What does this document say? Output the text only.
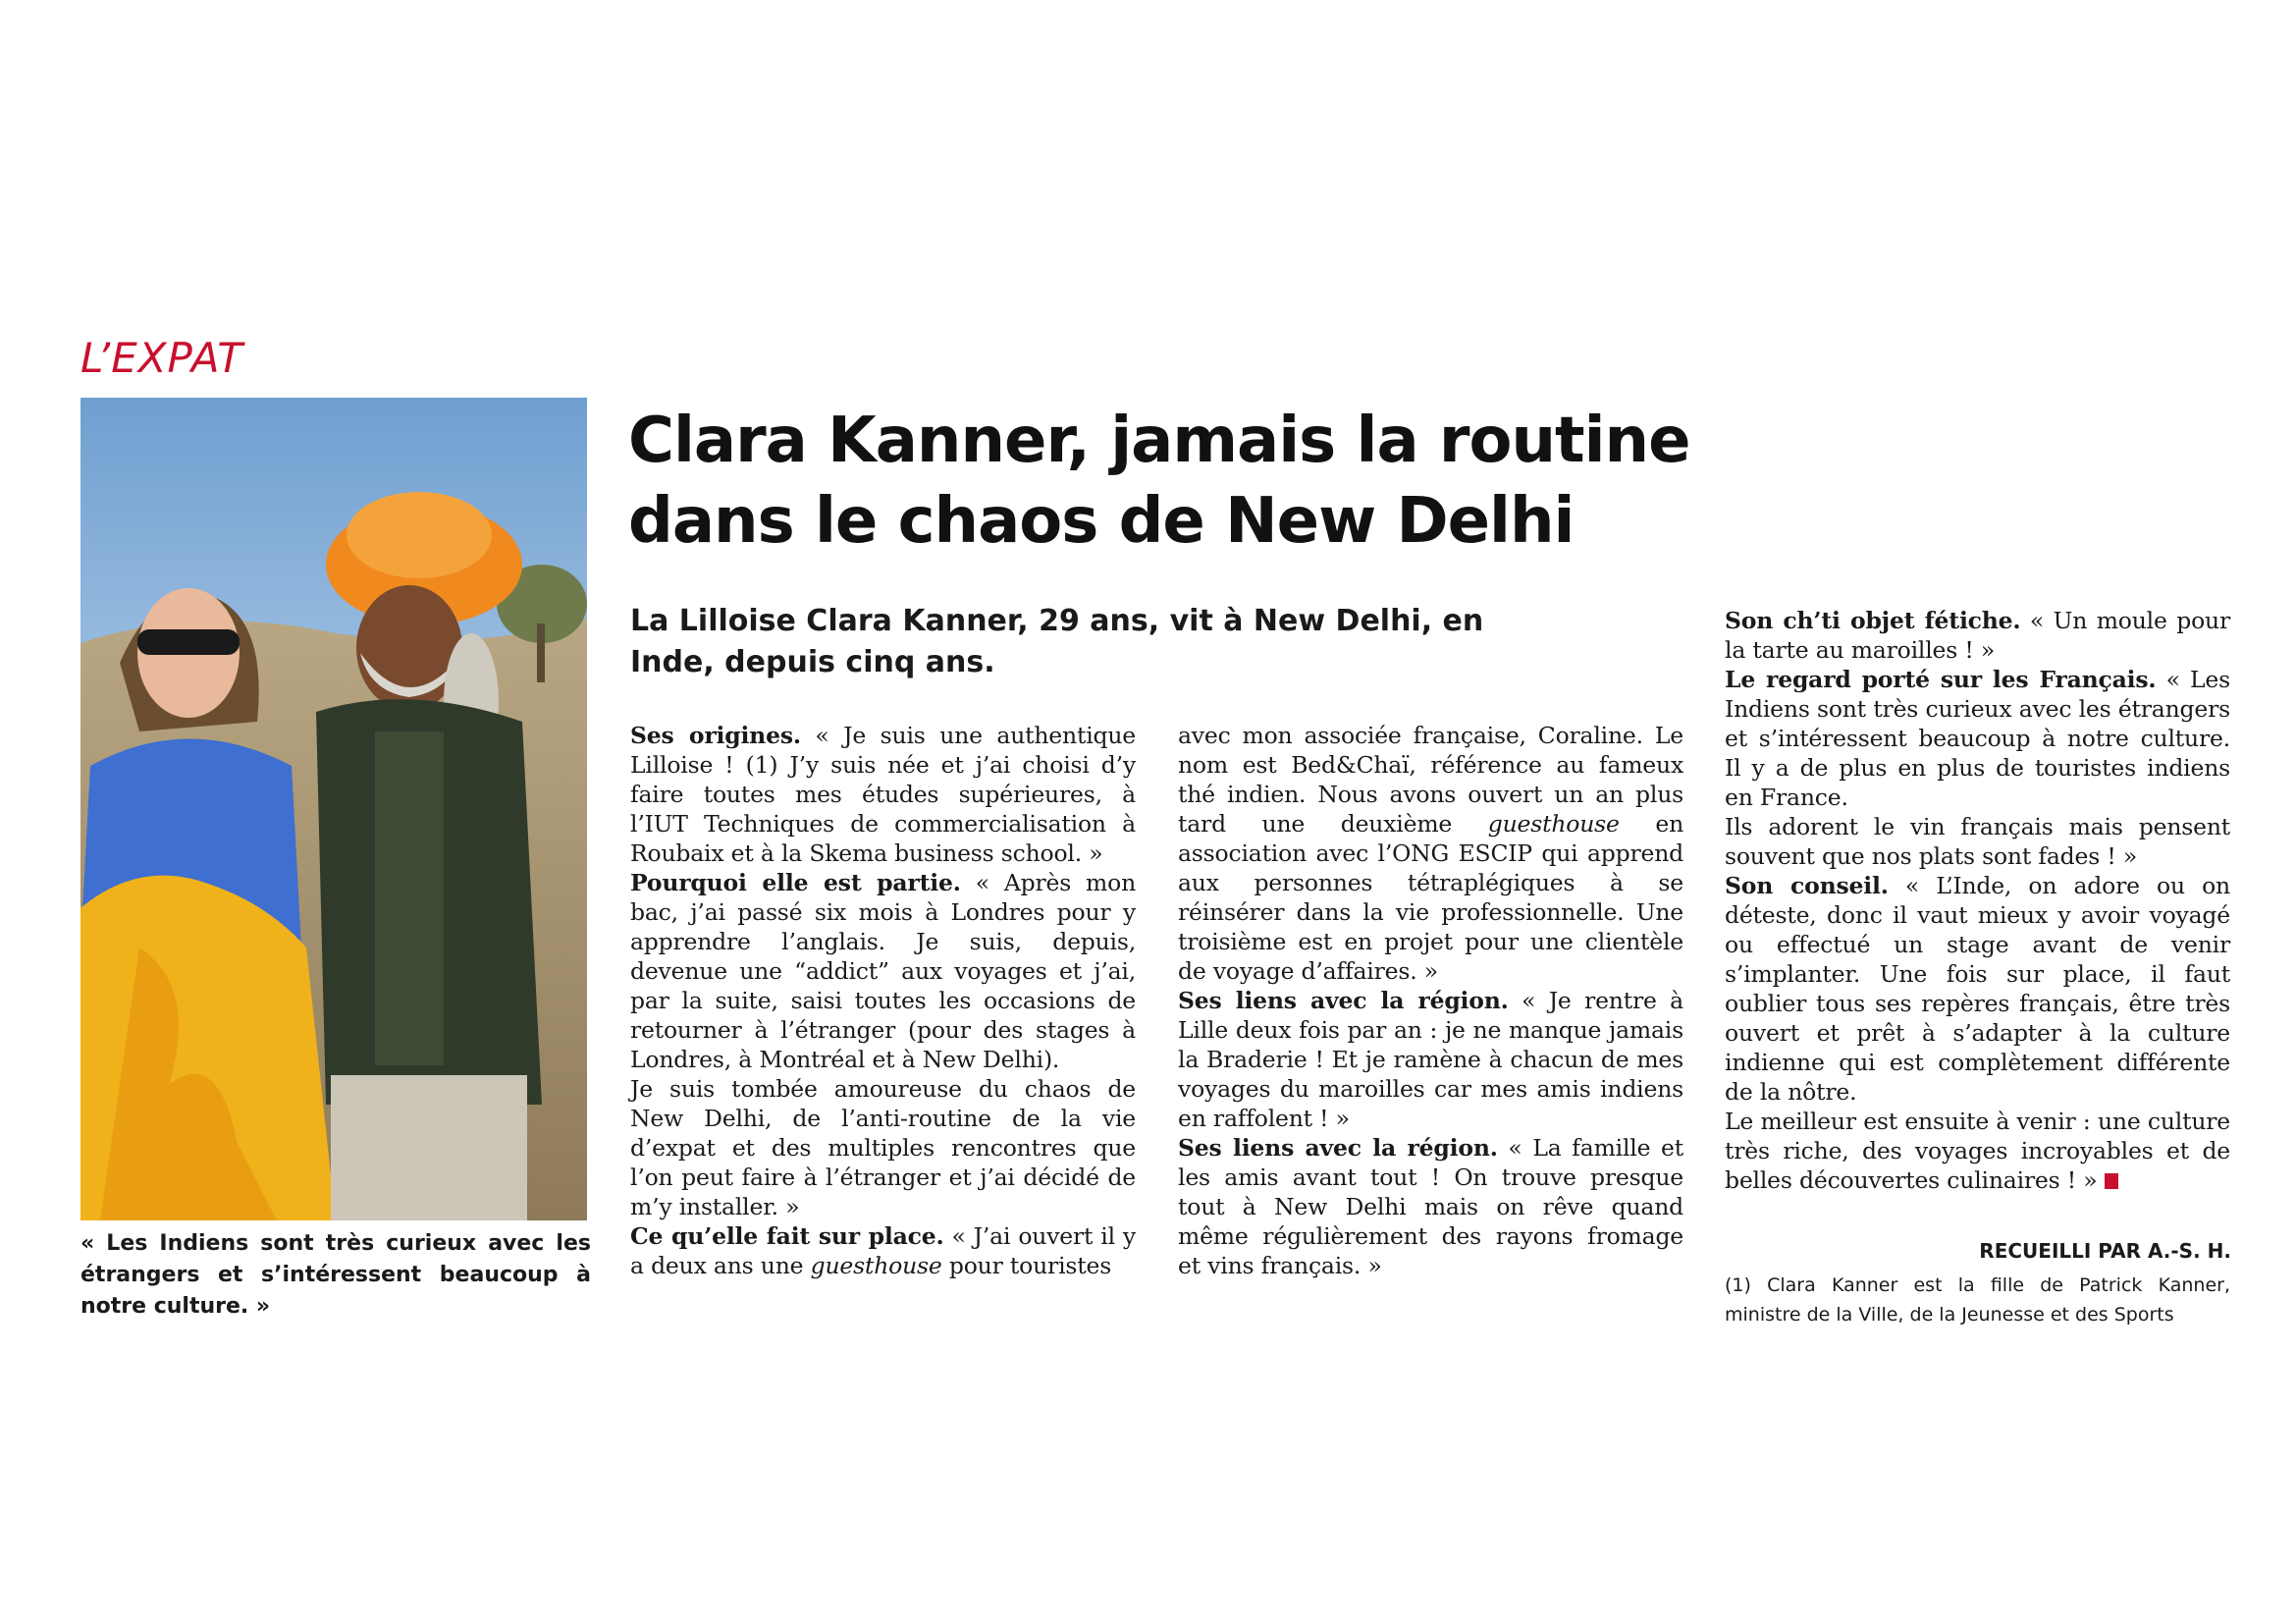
L’EXPAT
« Les Indiens sont très curieux avec les étrangers et s’intéressent beaucoup à notre culture. »
Clara Kanner, jamais la routine dans le chaos de New Delhi

La Lilloise Clara Kanner, 29 ans, vit à New Delhi, en Inde, depuis cinq ans.

Ses origines. « Je suis une authentique Lilloise ! (1) J’y suis née et j’ai choisi d’y faire toutes mes études supérieures, à l’IUT Techniques de commercialisation à Roubaix et à la Skema business school. »

Pourquoi elle est partie. « Après mon bac, j’ai passé six mois à Londres pour y apprendre l’anglais. Je suis, depuis, devenue une “addict” aux voyages et j’ai, par la suite, saisi toutes les occasions de retourner à l’étranger (pour des stages à Londres, à Montréal et à New Delhi).

Je suis tombée amoureuse du chaos de New Delhi, de l’anti-routine de la vie d’expat et des multiples rencontres que l’on peut faire à l’étranger et j’ai décidé de m’y installer. »

Ce qu’elle fait sur place. « J’ai ouvert il y a deux ans une guesthouse pour touristes

avec mon associée française, Coraline. Le nom est Bed&Chaï, référence au fameux thé indien. Nous avons ouvert un an plus tard une deuxième guesthouse en association avec l’ONG ESCIP qui apprend aux personnes tétraplégiques à se réinsérer dans la vie professionnelle. Une troisième est en projet pour une clientèle de voyage d’affaires. »

Ses liens avec la région. « Je rentre à Lille deux fois par an : je ne manque jamais la Braderie ! Et je ramène à chacun de mes voyages du maroilles car mes amis indiens en raffolent ! »

Ses liens avec la région. « La famille et les amis avant tout ! On trouve presque tout à New Delhi mais on rêve quand même régulièrement des rayons fromage et vins français. »

Son ch’ti objet fétiche. « Un moule pour la tarte au maroilles ! »

Le regard porté sur les Français. « Les Indiens sont très curieux avec les étrangers et s’intéressent beaucoup à notre culture. Il y a de plus en plus de touristes indiens en France.

Ils adorent le vin français mais pensent souvent que nos plats sont fades ! »

Son conseil. « L’Inde, on adore ou on déteste, donc il vaut mieux y avoir voyagé ou effectué un stage avant de venir s’implanter. Une fois sur place, il faut oublier tous ses repères français, être très ouvert et prêt à s’adapter à la culture indienne qui est complètement différente de la nôtre.

Le meilleur est ensuite à venir : une culture très riche, des voyages incroyables et de belles découvertes culinaires ! »

RECUEILLI PAR A.-S. H.
(1) Clara Kanner est la fille de Patrick Kanner, ministre de la Ville, de la Jeunesse et des Sports
